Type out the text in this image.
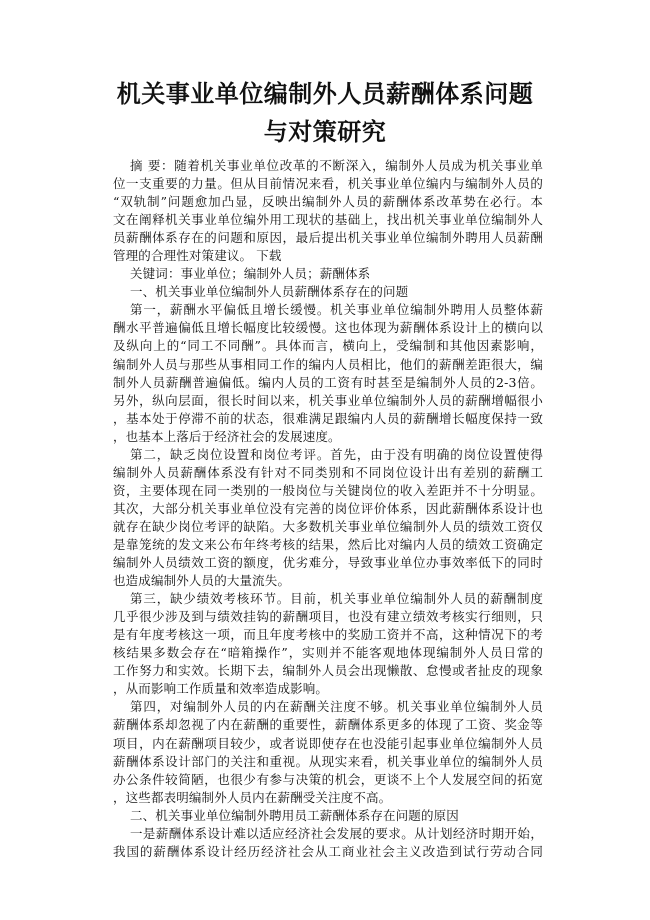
机关事业单位编制外人员薪酬体系问题
与对策研究
摘 要：随着机关事业单位改革的不断深入，编制外人员成为机关事业单
位一支重要的力量。但从目前情况来看，机关事业单位编内与编制外人员的
“双轨制”问题愈加凸显，反映出编制外人员的薪酬体系改革势在必行。本
文在阐释机关事业单位编外用工现状的基础上，找出机关事业单位编制外人
员薪酬体系存在的问题和原因，最后提出机关事业单位编制外聘用人员薪酬
管理的合理性对策建议。 下载
关键词：事业单位；编制外人员；薪酬体系
一、机关事业单位编制外人员薪酬体系存在的问题
第一，薪酬水平偏低且增长缓慢。机关事业单位编制外聘用人员整体薪
酬水平普遍偏低且增长幅度比较缓慢。这也体现为薪酬体系设计上的横向以
及纵向上的“同工不同酬”。具体而言，横向上，受编制和其他因素影响，
编制外人员与那些从事相同工作的编内人员相比，他们的薪酬差距很大，编
制外人员薪酬普遍偏低。编内人员的工资有时甚至是编制外人员的2-3倍。
另外，纵向层面，很长时间以来，机关事业单位编制外人员的薪酬增幅很小
，基本处于停滞不前的状态，很难满足跟编内人员的薪酬增长幅度保持一致
，也基本上落后于经济社会的发展速度。
第二，缺乏岗位设置和岗位考评。首先，由于没有明确的岗位设置使得
编制外人员薪酬体系没有针对不同类别和不同岗位设计出有差别的薪酬工
资，主要体现在同一类别的一般岗位与关键岗位的收入差距并不十分明显。
其次，大部分机关事业单位没有完善的岗位评价体系，因此薪酬体系设计也
就存在缺少岗位考评的缺陷。大多数机关事业单位编制外人员的绩效工资仅
是靠笼统的发文来公布年终考核的结果，然后比对编内人员的绩效工资确定
编制外人员绩效工资的额度，优劣难分，导致事业单位办事效率低下的同时
也造成编制外人员的大量流失。
第三，缺少绩效考核环节。目前，机关事业单位编制外人员的薪酬制度
几乎很少涉及到与绩效挂钩的薪酬项目，也没有建立绩效考核实行细则，只
是有年度考核这一项，而且年度考核中的奖励工资并不高，这种情况下的考
核结果多数会存在“暗箱操作”，实则并不能客观地体现编制外人员日常的
工作努力和实效。长期下去，编制外人员会出现懒散、怠慢或者扯皮的现象
，从而影响工作质量和效率造成影响。
第四，对编制外人员的内在薪酬关注度不够。机关事业单位编制外人员
薪酬体系却忽视了内在薪酬的重要性，薪酬体系更多的体现了工资、奖金等
项目，内在薪酬项目较少，或者说即使存在也没能引起事业单位编制外人员
薪酬体系设计部门的关注和重视。从现实来看，机关事业单位的编制外人员
办公条件较简陋，也很少有参与决策的机会，更谈不上个人发展空间的拓宽
，这些都表明编制外人员内在薪酬受关注度不高。
二、机关事业单位编制外聘用员工薪酬体系存在问题的原因
一是薪酬体系设计难以适应经济社会发展的要求。从计划经济时期开始，
我国的薪酬体系设计经历经济社会从工商业社会主义改造到试行劳动合同
